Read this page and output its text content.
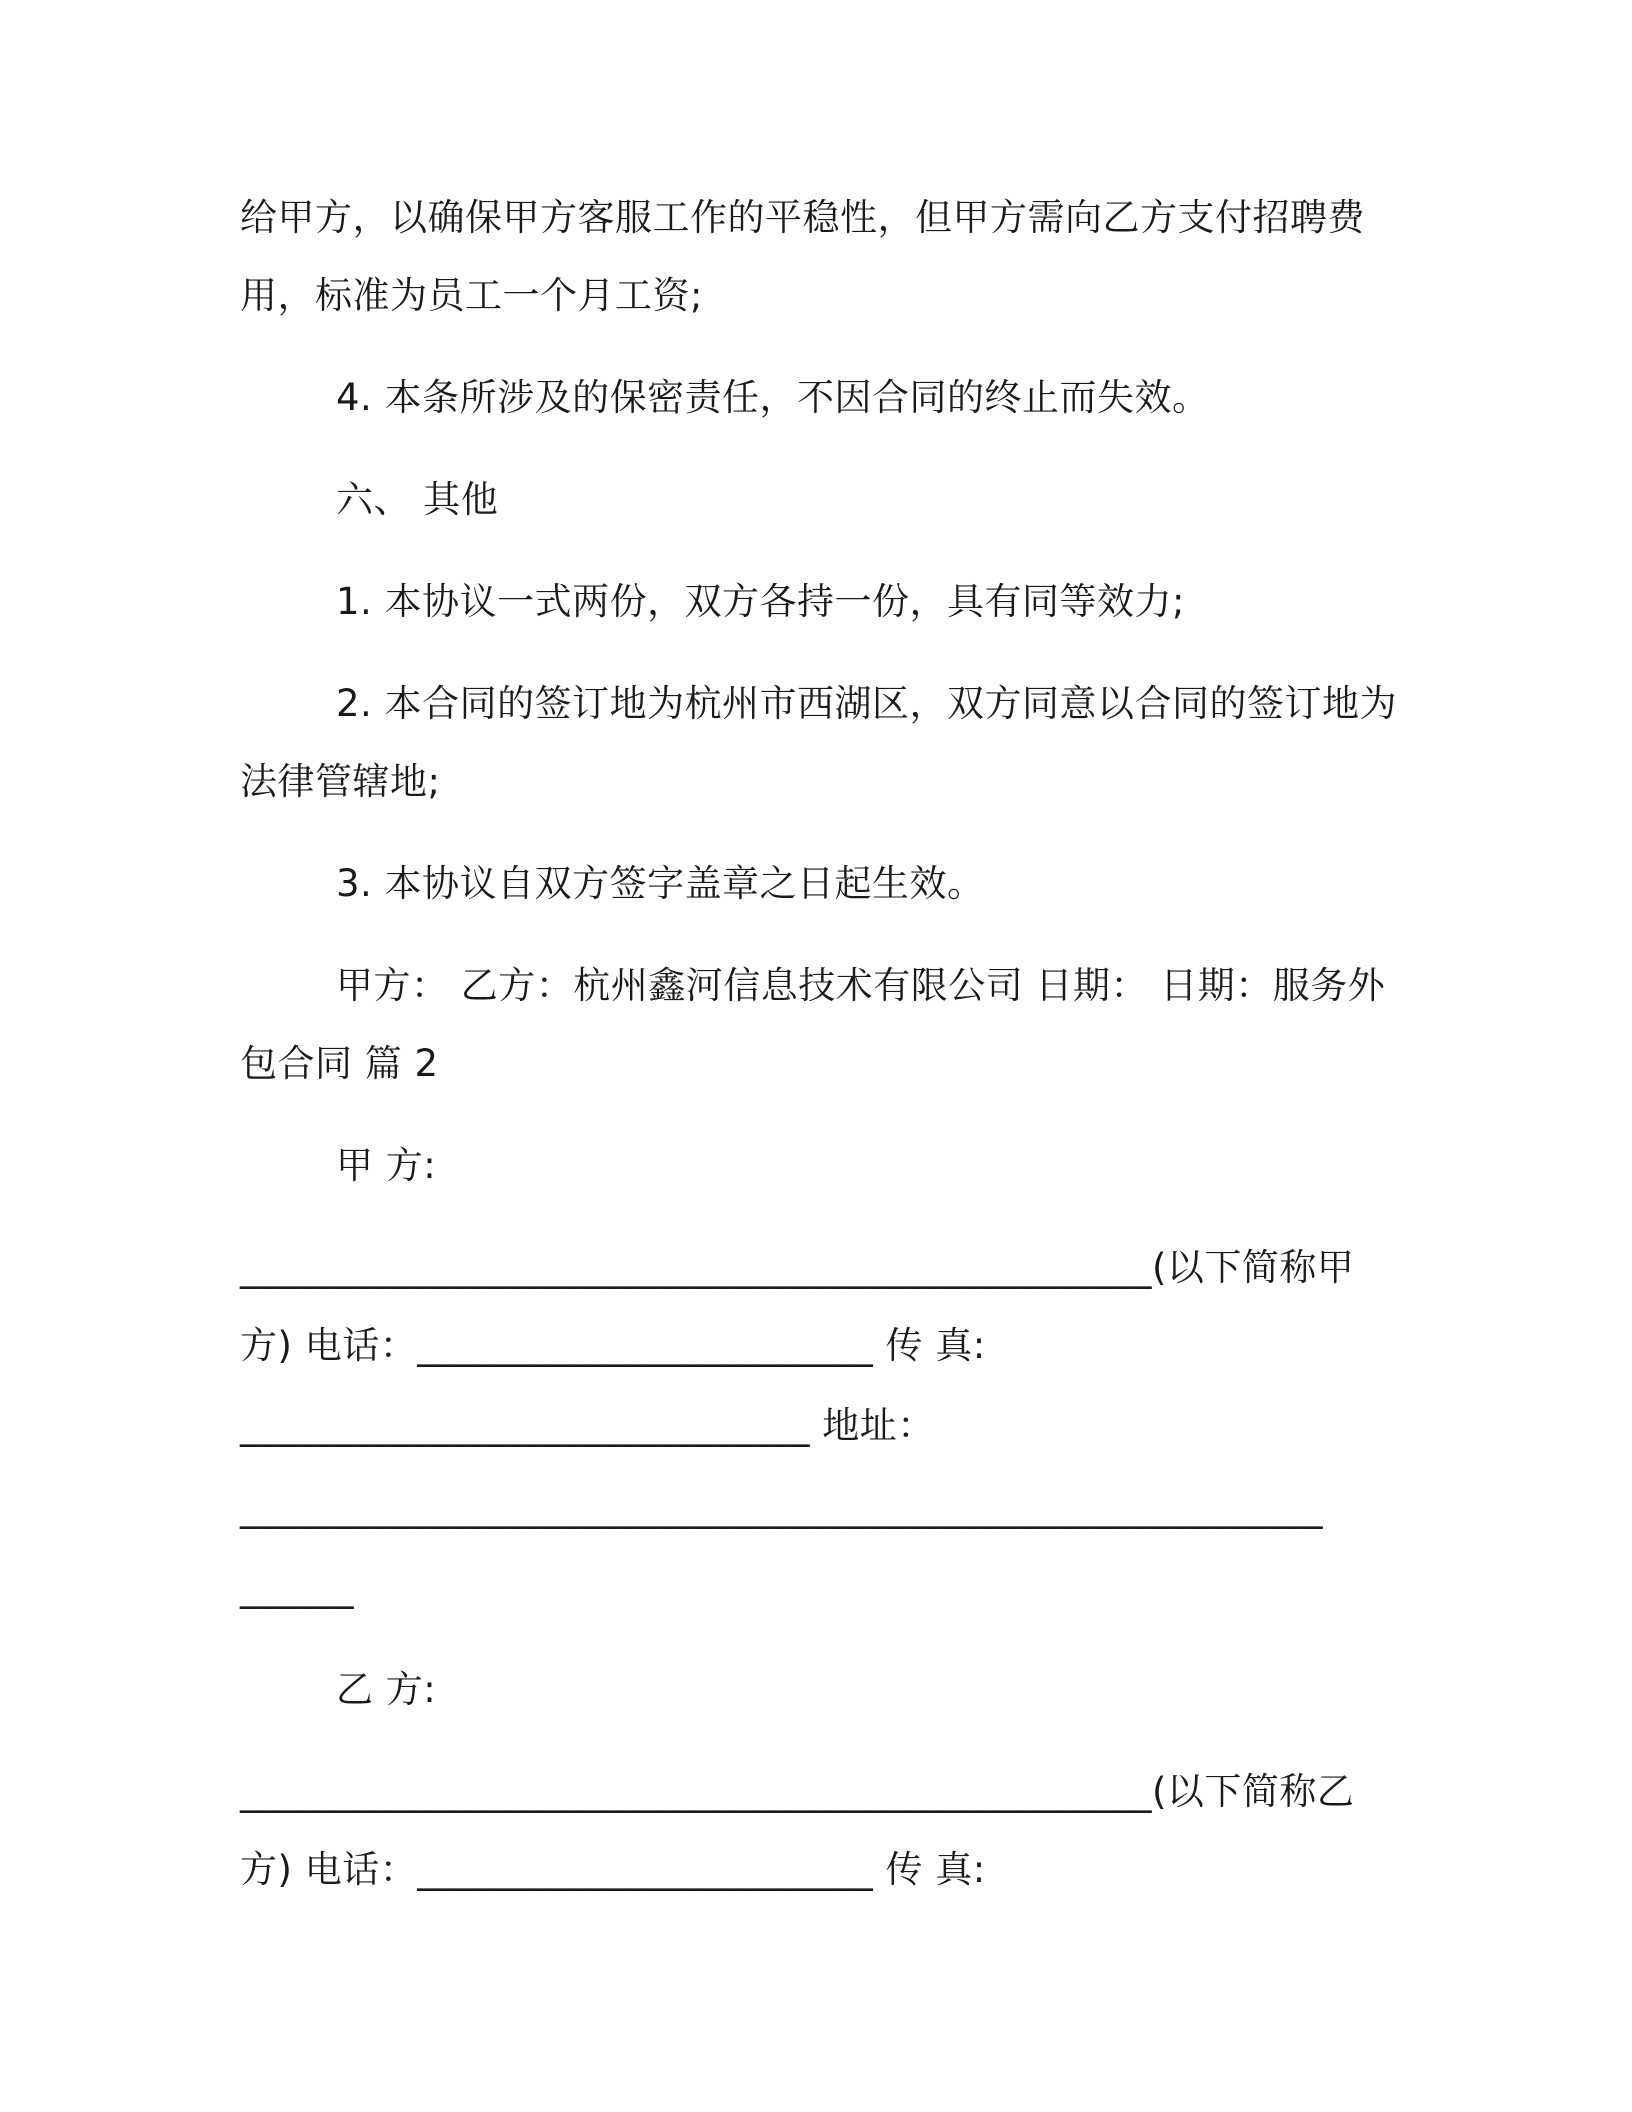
给甲方，以确保甲方客服工作的平稳性，但甲方需向乙方支付招聘费
用，标准为员工一个月工资;
4. 本条所涉及的保密责任，不因合同的终止而失效。
六、 其他
1. 本协议一式两份，双方各持一份，具有同等效力;
2. 本合同的签订地为杭州市西湖区，双方同意以合同的签订地为
法律管辖地;
3. 本协议自双方签字盖章之日起生效。
甲方： 乙方：杭州鑫河信息技术有限公司 日期： 日期：服务外
包合同 篇 2
甲 方:
________________________________________________(以下简称甲
方) 电话：________________________ 传 真:
______________________________ 地址：
_________________________________________________________
______
乙 方:
________________________________________________(以下简称乙
方) 电话：________________________ 传 真:
